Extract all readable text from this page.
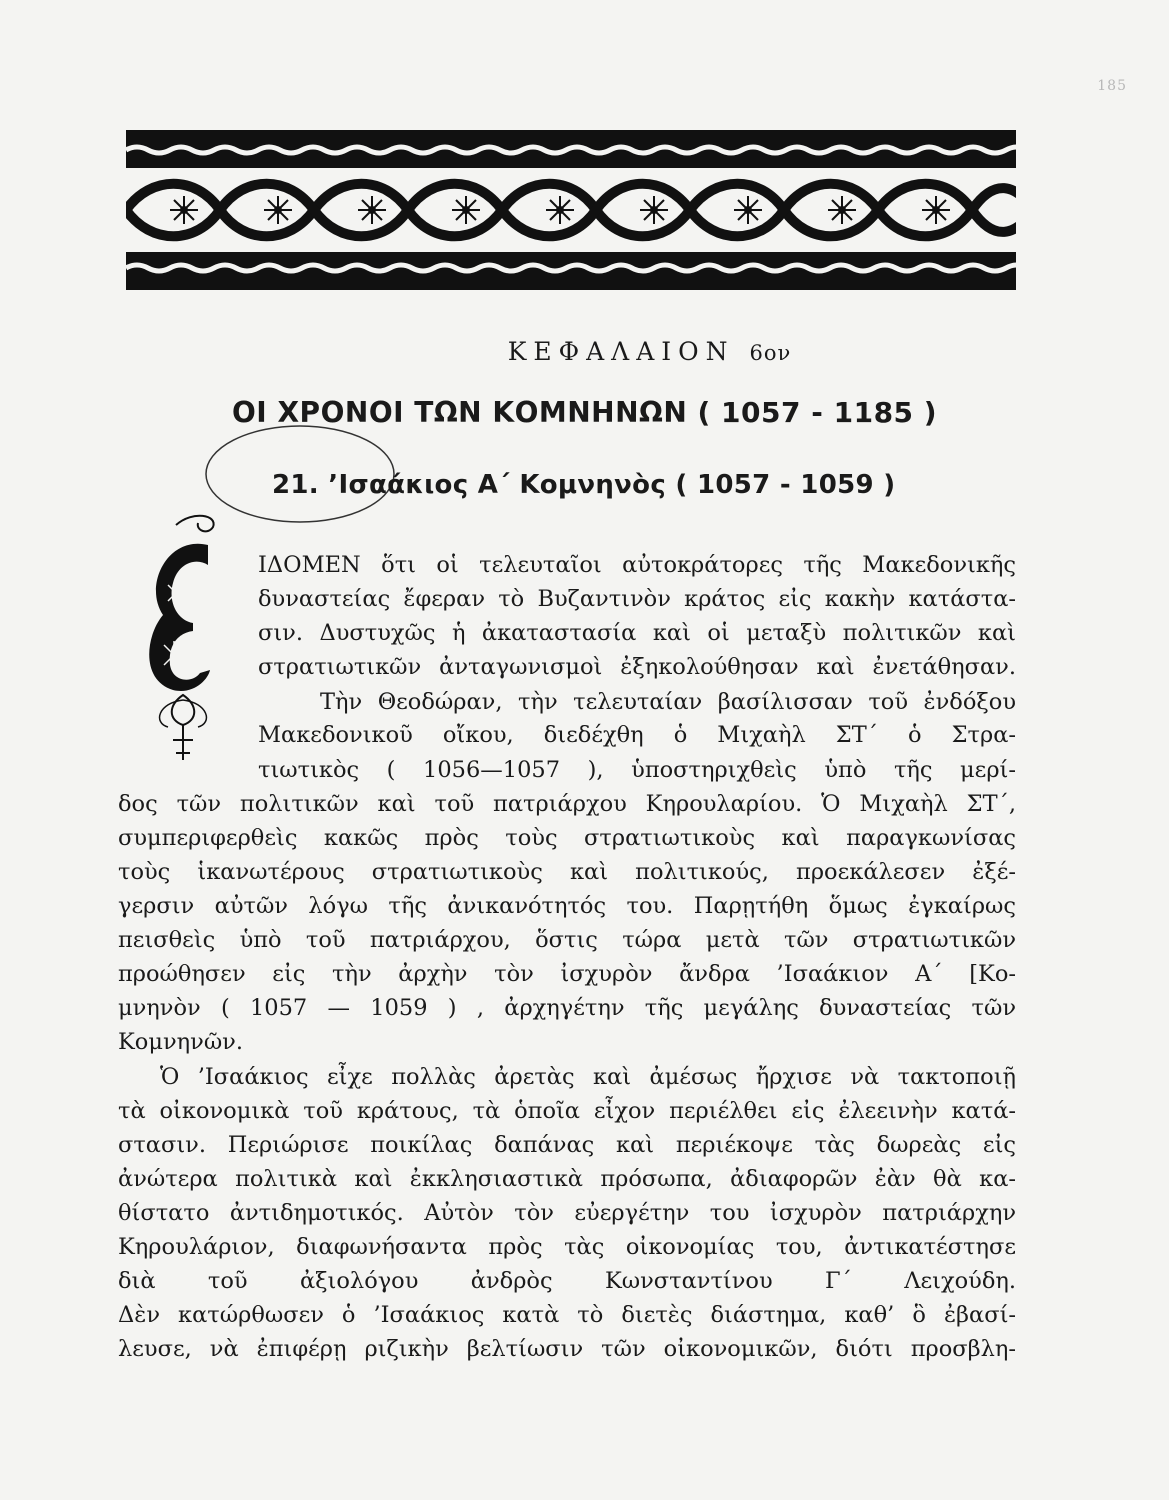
185
ΚΕΦΑΛΑΙΟΝ 6ον
ΟΙ ΧΡΟΝΟΙ ΤΩΝ ΚΟΜΝΗΝΩΝ ( 1057 - 1185 )
21. ’Ισαάκιος Α΄ Κομνηνὸς ( 1057 - 1059 )
ΙΔΟΜΕΝ ὅτι οἱ τελευταῖοι αὐτοκράτορες τῆς Μακεδονικῆς
δυναστείας ἔφεραν τὸ Βυζαντινὸν κράτος εἰς κακὴν κατάστα-
σιν. Δυστυχῶς ἡ ἀκαταστασία καὶ οἱ μεταξὺ πολιτικῶν καὶ
στρατιωτικῶν ἀνταγωνισμοὶ ἐξηκολούθησαν καὶ ἐνετάθησαν.
Τὴν Θεοδώραν, τὴν τελευταίαν βασίλισσαν τοῦ ἐνδόξου
Μακεδονικοῦ οἴκου, διεδέχθη ὁ Μιχαὴλ ΣΤ΄ ὁ Στρα-
τιωτικὸς ( 1056—1057 ), ὑποστηριχθεὶς ὑπὸ τῆς μερί-
δος τῶν πολιτικῶν καὶ τοῦ πατριάρχου Κηρουλαρίου. Ὁ Μιχαὴλ ΣΤ΄,
συμπεριφερθεὶς κακῶς πρὸς τοὺς στρατιωτικοὺς καὶ παραγκωνίσας
τοὺς ἱκανωτέρους στρατιωτικοὺς καὶ πολιτικούς, προεκάλεσεν ἐξέ-
γερσιν αὐτῶν λόγω τῆς ἀνικανότητός του. Παρῃτήθη ὅμως ἐγκαίρως
πεισθεὶς ὑπὸ τοῦ πατριάρχου, ὅστις τώρα μετὰ τῶν στρατιωτικῶν
προώθησεν εἰς τὴν ἀρχὴν τὸν ἰσχυρὸν ἄνδρα ’Ισαάκιον Α΄ [Κο-
μνηνὸν ( 1057 — 1059 ) , ἀρχηγέτην τῆς μεγάλης δυναστείας τῶν
Κομνηνῶν.
Ὁ ’Ισαάκιος εἶχε πολλὰς ἀρετὰς καὶ ἀμέσως ἤρχισε νὰ τακτοποιῇ
τὰ οἰκονομικὰ τοῦ κράτους, τὰ ὁποῖα εἶχον περιέλθει εἰς ἐλεεινὴν κατά-
στασιν. Περιώρισε ποικίλας δαπάνας καὶ περιέκοψε τὰς δωρεὰς εἰς
ἀνώτερα πολιτικὰ καὶ ἐκκλησιαστικὰ πρόσωπα, ἀδιαφορῶν ἐὰν θὰ κα-
θίστατο ἀντιδημοτικός. Αὐτὸν τὸν εὐεργέτην του ἰσχυρὸν πατριάρχην
Κηρουλάριον, διαφωνήσαντα πρὸς τὰς οἰκονομίας του, ἀντικατέστησε
διὰ τοῦ ἀξιολόγου ἀνδρὸς Κωνσταντίνου Γ΄ Λειχούδη.
Δὲν κατώρθωσεν ὁ ’Ισαάκιος κατὰ τὸ διετὲς διάστημα, καθ’ ὃ ἐβασί-
λευσε, νὰ ἐπιφέρῃ ριζικὴν βελτίωσιν τῶν οἰκονομικῶν, διότι προσβλη-
